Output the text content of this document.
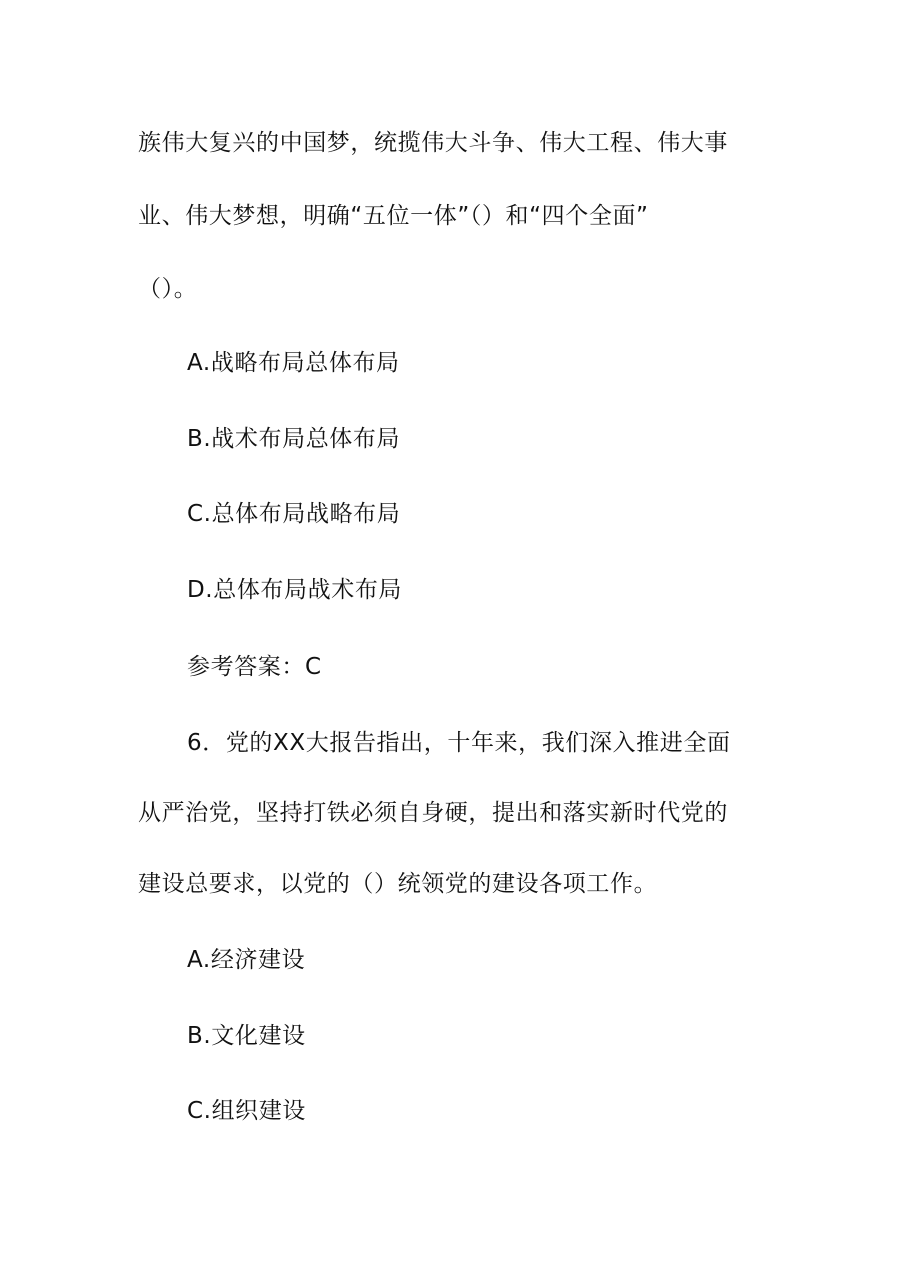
族伟大复兴的中国梦，统揽伟大斗争、伟大工程、伟大事
业、伟大梦想，明确“五位一体”（）和“四个全面”
（）。
A.战略布局总体布局
B.战术布局总体布局
C.总体布局战略布局
D.总体布局战术布局
参考答案：C
6．党的XX大报告指出，十年来，我们深入推进全面
从严治党，坚持打铁必须自身硬，提出和落实新时代党的
建设总要求，以党的（）统领党的建设各项工作。
A.经济建设
B.文化建设
C.组织建设
